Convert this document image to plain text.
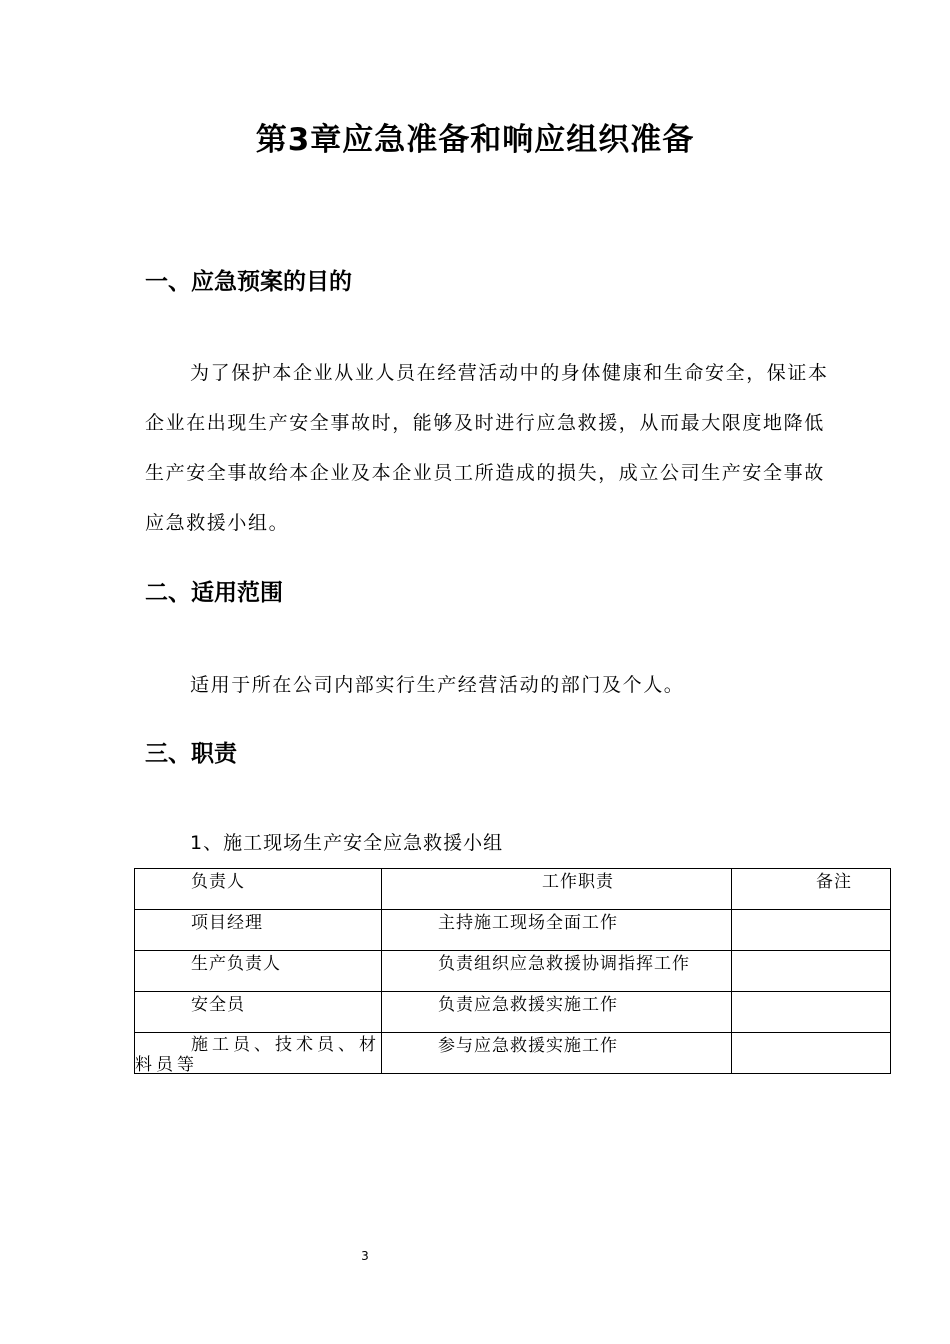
第3章应急准备和响应组织准备
一、应急预案的目的

为了保护本企业从业人员在经营活动中的身体健康和生命安全，保证本企业在出现生产安全事故时，能够及时进行应急救援，从而最大限度地降低生产安全事故给本企业及本企业员工所造成的损失，成立公司生产安全事故应急救援小组。

二、适用范围

适用于所在公司内部实行生产经营活动的部门及个人。

三、职责
1、施工现场生产安全应急救援小组
负责人	工作职责	备注

项目经理	主持施工现场全面工作	

生产负责人	负责组织应急救援协调指挥工作	

安全员	负责应急救援实施工作	

施工员、技术员、材料员等	参与应急救援实施工作	

3
